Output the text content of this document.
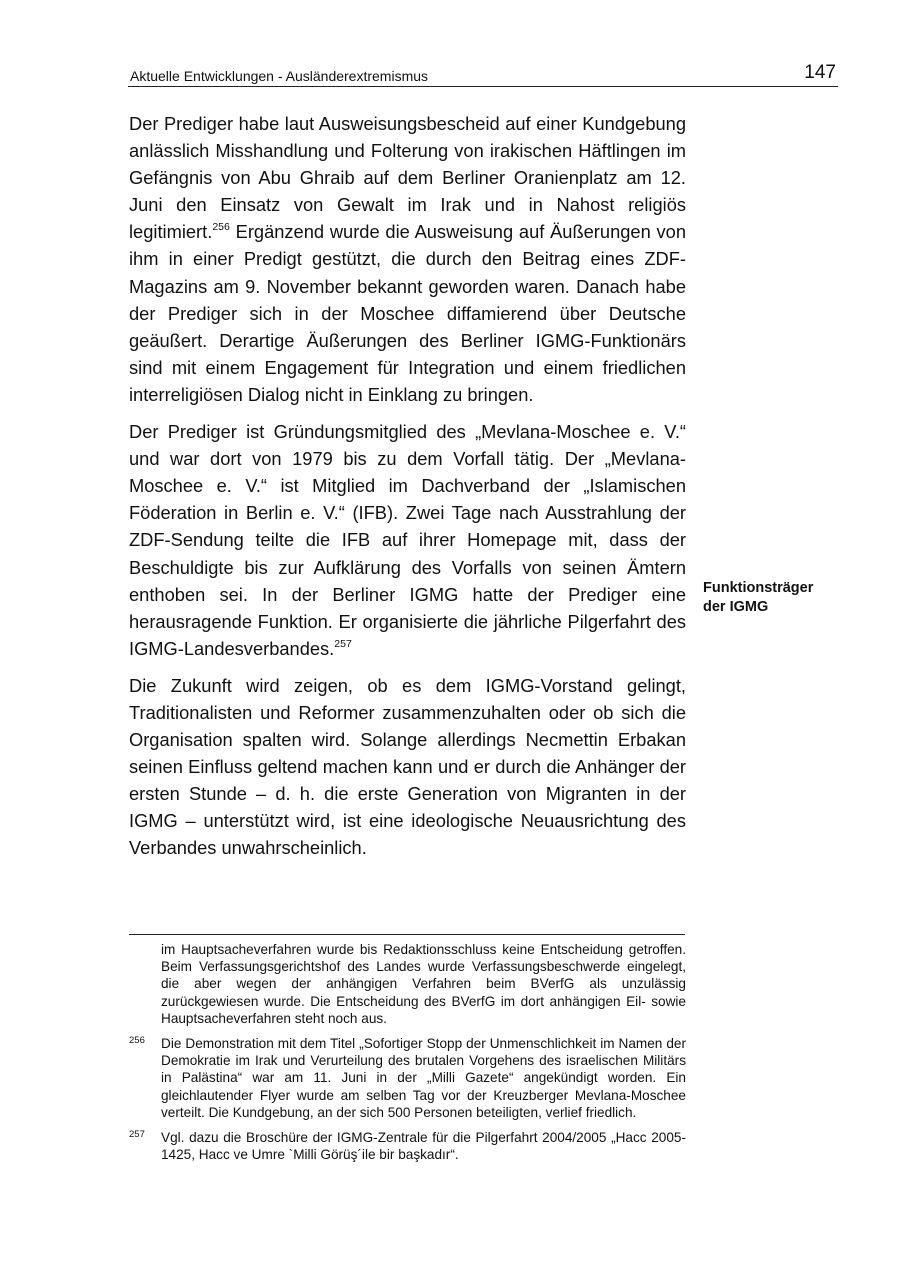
Aktuelle Entwicklungen - Ausländerextremismus	147

Der Prediger habe laut Ausweisungsbescheid auf einer Kundgebung anlässlich Misshandlung und Folterung von irakischen Häftlingen im Gefängnis von Abu Ghraib auf dem Berliner Oranienplatz am 12. Juni den Einsatz von Gewalt im Irak und in Nahost religiös legitimiert.$^{256}$ Ergänzend wurde die Ausweisung auf Äußerungen von ihm in einer Predigt gestützt, die durch den Beitrag eines ZDF-Magazins am 9. November bekannt geworden waren. Danach habe der Prediger sich in der Moschee diffamierend über Deutsche geäußert. Derartige Äußerungen des Berliner IGMG-Funktionärs sind mit einem Engagement für Integration und einem friedlichen interreligiösen Dialog nicht in Einklang zu bringen.

Der Prediger ist Gründungsmitglied des „Mevlana-Moschee e. V.“ und war dort von 1979 bis zu dem Vorfall tätig. Der „Mevlana-Moschee e. V.“ ist Mitglied im Dachverband der „Islamischen Föderation in Berlin e. V.“ (IFB). Zwei Tage nach Ausstrahlung der ZDF-Sendung teilte die IFB auf ihrer Homepage mit, dass der Beschuldigte bis zur Aufklärung des Vorfalls von seinen Ämtern enthoben sei. In der Berliner IGMG hatte der Prediger eine herausragende Funktion. Er organisierte die jährliche Pilgerfahrt des IGMG-Landesverbandes.$^{257}$

Die Zukunft wird zeigen, ob es dem IGMG-Vorstand gelingt, Traditionalisten und Reformer zusammenzuhalten oder ob sich die Organisation spalten wird. Solange allerdings Necmettin Erbakan seinen Einfluss geltend machen kann und er durch die Anhänger der ersten Stunde – d. h. die erste Generation von Migranten in der IGMG – unterstützt wird, ist eine ideologische Neuausrichtung des Verbandes unwahrscheinlich.

Funktionsträger
der IGMG
im Hauptsacheverfahren wurde bis Redaktionsschluss keine Entscheidung getroffen. Beim Verfassungsgerichtshof des Landes wurde Verfassungsbeschwerde eingelegt, die aber wegen der anhängigen Verfahren beim BVerfG als unzulässig zurückgewiesen wurde. Die Entscheidung des BVerfG im dort anhängigen Eil- sowie Hauptsacheverfahren steht noch aus.
256 Die Demonstration mit dem Titel „Sofortiger Stopp der Unmenschlichkeit im Namen der Demokratie im Irak und Verurteilung des brutalen Vorgehens des israelischen Militärs in Palästina“ war am 11. Juni in der „Milli Gazete“ angekündigt worden. Ein gleichlautender Flyer wurde am selben Tag vor der Kreuzberger Mevlana-Moschee verteilt. Die Kundgebung, an der sich 500 Personen beteiligten, verlief friedlich.
257 Vgl. dazu die Broschüre der IGMG-Zentrale für die Pilgerfahrt 2004/2005 „Hacc 2005-1425, Hacc ve Umre `Milli Görüş´ile bir başkadır“.
